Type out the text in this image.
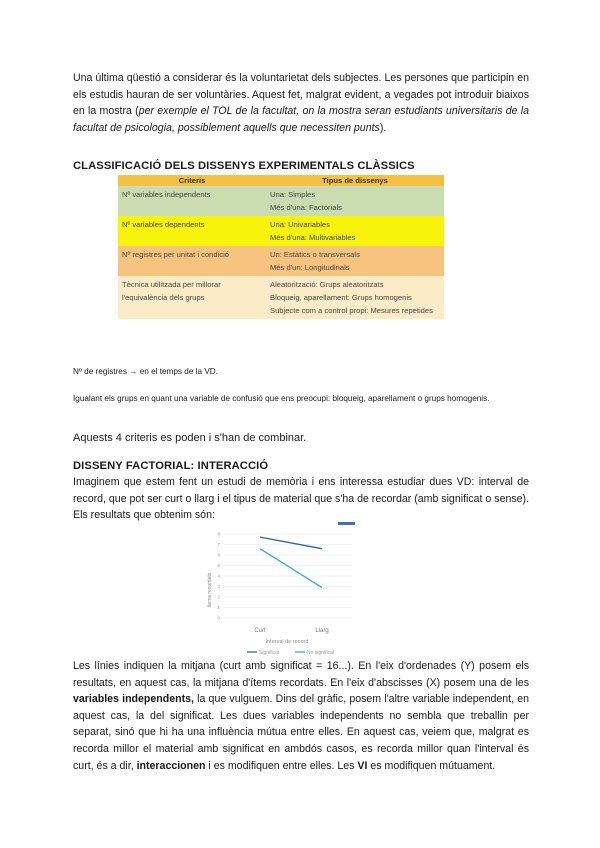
Una última qüestió a considerar és la voluntarietat dels subjectes. Les persones que participin en els estudis hauran de ser voluntàries. Aquest fet, malgrat evident, a vegades pot introduir biaixos en la mostra (per exemple el TOL de la facultat, on la mostra seran estudiants universitaris de la facultat de psicologia, possiblement aquells que necessiten punts).
CLASSIFICACIÓ DELS DISSENYS EXPERIMENTALS CLÀSSICS
Criteris	Tipus de dissenys
Nº variables independents	Una: Simples
Més d'una: Factorials

Nº variables dependents	Una: Univariables
Més d'una: Multivariables

Nº registres per unitat i condició	Un: Estàtics o transversals
Més d'un: Longitudinals

Tècnica utilitzada per millorar l'equivalència dels grups	Aleatorització: Grups aleatoritzats
Bloqueig, aparellament: Grups homogenis
Subjecte com a control propi: Mesures repetides
Nº de registres → en el temps de la VD.
Igualant els grups en quant una variable de confusió que ens preocupi: bloqueig, aparellament o grups homogenis.
Aquests 4 criteris es poden i s'han de combinar.
DISSENY FACTORIAL: INTERACCIÓ
Imaginem que estem fent un estudi de memòria i ens interessa estudiar dues VD: interval de record, que pot ser curt o llarg i el tipus de material que s'ha de recordar (amb significat o sense). Els resultats que obtenim són:
0
1
2
3
4
5
6
7
8
Curt	Llarg
Ítems recordats
Interval de record
Significat	No significat
Les línies indiquen la mitjana (curt amb significat = 16...). En l'eix d'ordenades (Y) posem els resultats, en aquest cas, la mitjana d'ítems recordats. En l'eix d'abscisses (X) posem una de les variables independents, la que vulguem. Dins del gràfic, posem l'altre variable independent, en aquest cas, la del significat. Les dues variables independents no sembla que treballin per separat, sinó que hi ha una influència mútua entre elles. En aquest cas, veiem que, malgrat es recorda millor el material amb significat en ambdós casos, es recorda millor quan l'interval és curt, és a dir, interaccionen i es modifiquen entre elles. Les VI es modifiquen mútuament.
